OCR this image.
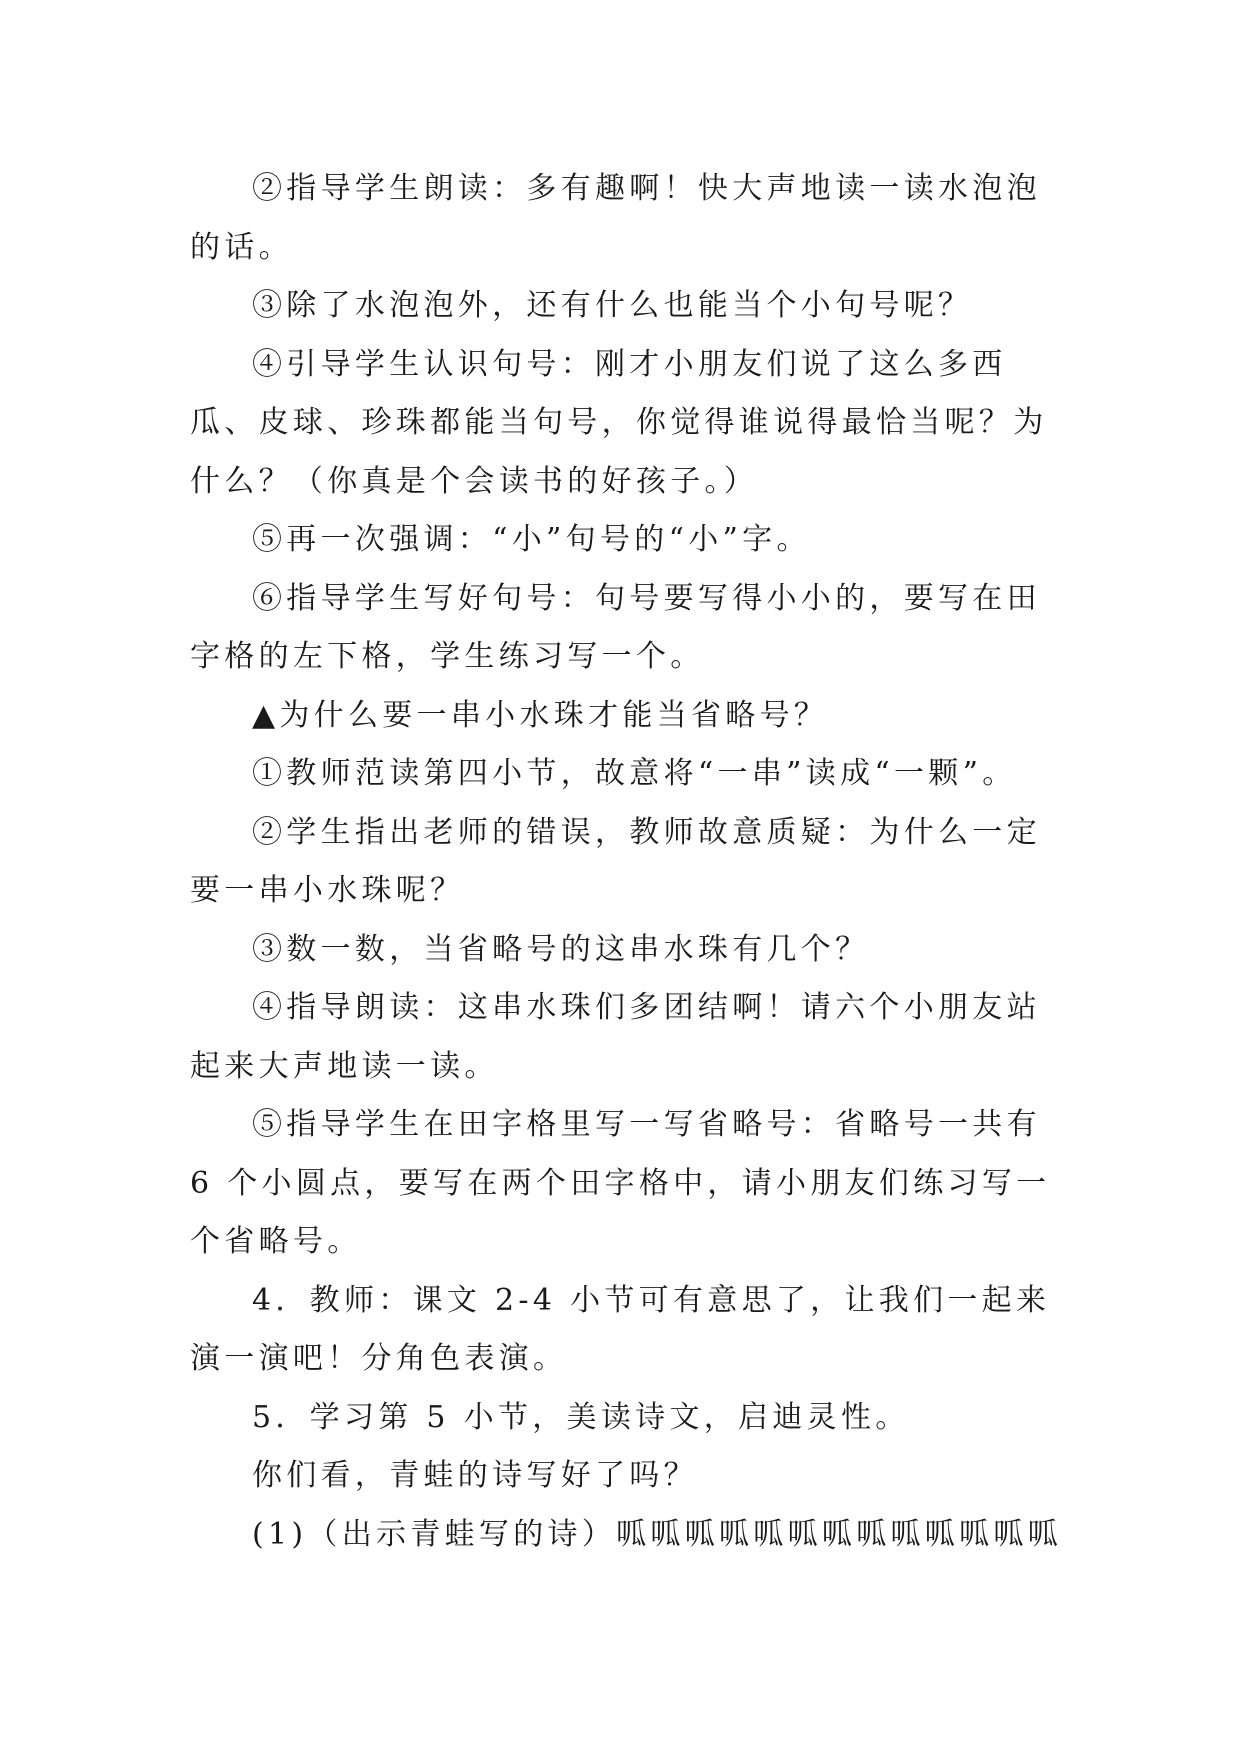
②指导学生朗读：多有趣啊！快大声地读一读水泡泡的话。

③除了水泡泡外，还有什么也能当个小句号呢？

④引导学生认识句号：刚才小朋友们说了这么多西瓜、皮球、珍珠都能当句号，你觉得谁说得最恰当呢？为什么？（你真是个会读书的好孩子。）

⑤再一次强调：“小”句号的“小”字。

⑥指导学生写好句号：句号要写得小小的，要写在田字格的左下格，学生练习写一个。

▲为什么要一串小水珠才能当省略号？

①教师范读第四小节，故意将“一串”读成“一颗”。

②学生指出老师的错误，教师故意质疑：为什么一定要一串小水珠呢？

③数一数，当省略号的这串水珠有几个？

④指导朗读：这串水珠们多团结啊！请六个小朋友站起来大声地读一读。

⑤指导学生在田字格里写一写省略号：省略号一共有 6 个小圆点，要写在两个田字格中，请小朋友们练习写一个省略号。

4．教师：课文 2-4 小节可有意思了，让我们一起来演一演吧！分角色表演。

5．学习第 5 小节，美读诗文，启迪灵性。

你们看，青蛙的诗写好了吗？

(1)（出示青蛙写的诗）呱呱呱呱呱呱呱呱呱呱呱呱呱
